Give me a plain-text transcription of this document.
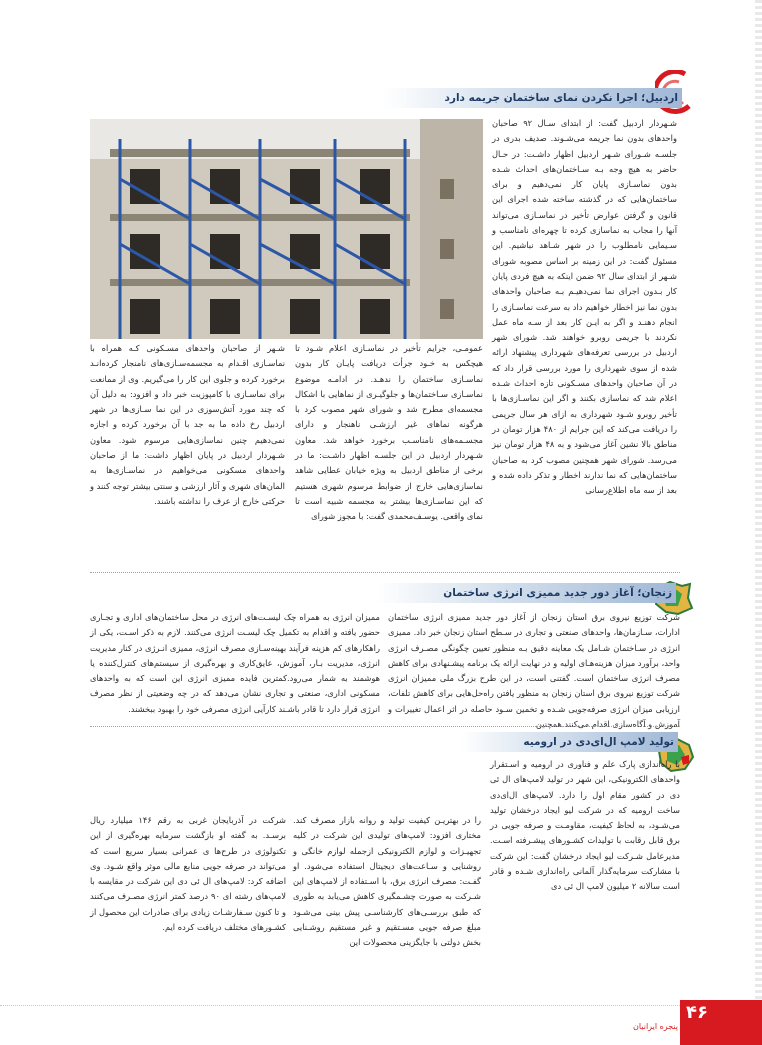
اردبیل؛ اجرا نکردن نمای ساختمان جریمه دارد
شـهردار اردبیل گفت: از ابتدای سـال ۹۲ صاحبان واحدهای بدون نما جریمه می‌شـوند. صدیف بدری در جلسـه شـورای شـهر اردبیل اظهار داشـت: در حـال حاضر به هیچ وجه بـه سـاختمان‌های احداث شـده بدون نماسـازی پایان کار نمی‌دهیم و برای ساختمان‌هایی که در گذشته ساخته شده اجرای این قانون و گرفتن عوارض تأخیر در نماسـازی می‌تواند آنها را مجاب به نماسازی کرده تا چهره‌ای نامناسب و سـیمایی نامطلوب را در شهر شـاهد نباشیم. این مسئول گفت: در این زمینه بر اساس مصوبه شورای شـهر از ابتدای سال ۹۲ ضمن اینکه به هیچ فردی پایان کار بـدون اجرای نما نمی‌دهیـم بـه صاحبان واحدهای بدون نما نیز اخطار خواهیم داد به سرعت نماسـازی را انجام دهنـد و اگر به ایـن کار بعد از سـه ماه عمل نکردند با جریمی روبرو خواهند شد. شورای شهر اردبیل در بررسی تعرفه‌های شهرداری پیشنهاد ارائه شده از سوی شهرداری را مورد بررسی قرار داد که در آن صاحبان واحدهای مسـکونی تازه احداث شـده اعلام شد که نماسازی بکنند و اگر این نماسـازی‌ها با تأخیر روبرو شـود شهرداری به ازای هر سال جریمی را دریافت می‌کند که این جرایم از ۴۸۰ هزار تومان در مناطق بالا نشین آغاز می‌شود و به ۴۸ هزار تومان نیز می‌رسد. شورای شهر همچنین مصوب کرد به صاحبان ساختمان‌هایی که نما ندارند اخطار و تذکر داده شده و بعد از سه ماه اطلاع‌رسانی
عمومـی، جرایم تأخیر در نماسـازی اعلام شـود تا هیچکس به خـود جرأت دریافت پایـان کار بدون نماسـازی ساختمان را ندهـد. در ادامـه موضوع نماسـازی سـاختمان‌ها و جلوگیـری از نماهایی با اشکال مجسمه‌ای مطرح شد و شورای شهر مصوب کرد با هرگونه نماهای غیر ارزشـی ناهنجار و دارای مجسـمه‌های نامناسـب برخورد خواهد شد. معاون شـهردار اردبیل در این جلسـه اظهار داشـت: ما در برخی از مناطق اردبیل به ویژه خیابان عطایی شاهد نماسازی‌هایی خارج از ضوابط مرسوم شهری هستیم که این نماسـازی‌ها بیشتر به مجسمه شبیه است تا نمای واقعی. یوسـف‌محمدی گفت: با مجوز شورای
شـهر از صاحبان واحدهای مسـکونی کـه همراه با نماسـازی اقـدام به مجسمه‌سـازی‌های نامنجار کرده‌انـد برخورد کرده و جلوی این کار را می‌گیریم. وی از ممانعت برای نماسـازی با کامپوزیت خبر داد و افزود: به دلیل آن که چند مورد آتش‌سوزی در این نما سـازی‌ها در شهر اردبیل رخ داده ما به جد با آن برخورد کرده و اجازه نمی‌دهیم چنین نماسازی‌هایی مرسوم شود. معاون شـهردار اردبیل در پایان اظهار داشت: ما از صاحبان واحدهای مسکونی می‌خواهیم در نماسـازی‌ها به المان‌های شهری و آثار ارزشی و سنتی بیشتر توجه کنند و حرکتی خارج از عرف را نداشته باشند.
زنجان؛ آغاز دور جدید ممیزی انرژی ساختمان
شرکت توزیع نیروی برق استان زنجان از آغاز دور جدید ممیزی انرژی ساختمان ادارات، سـازمان‌ها، واحدهای صنعتی و تجاری در سـطح استان زنجان خبر داد. ممیزی انرژی در سـاختمان شـامل یک معاینه دقیق بـه منظور تعیین چگونگی مصـرف انرژی واحد، برآورد میزان هزینه‌هـای اولیه و در نهایت ارائه یک برنامه پیشـنهادی برای کاهش مصرف انرژی ساختمان است. گفتنی است، در این طرح بزرگ ملی ممیزان انرژی شرکت توزیع نیروی برق استان زنجان به منظور یافتن راه‌حل‌هایی برای کاهش تلفات، ارزیابی میزان انرژی صرفه‌جویی شـده و تخمین سـود حاصله در اثر اعمال تغییرات و آموزش و آگاه‌سازی اقدام می‌کنند.همچنین
ممیزان انرژی به همراه چک لیسـت‌های انرژی در محل ساختمان‌های اداری و تجـاری حضور یافته و اقدام به تکمیل چک لیسـت انرژی می‌کنند. لازم به ذکر اسـت، یکی از راهکارهای کم هزینه فرآیند بهینه‌سـازی مصرف انرژی، ممیزی انـرژی در کنار مدیریت انرژی، مدیریت بـار، آموزش، عایق‌کاری و بهره‌گیری از سیستم‌های کنترل‌کننده یا هوشمند به شمار می‌رود.کمترین فایده ممیزی انرژی این است که به واحدهای مسکونی اداری، صنعتی و تجاری نشان می‌دهد که در چه وضعیتی از نظر مصرف انرژی قرار دارد تا قادر باشـند کارآیی انرژی مصرفی خود را بهبود ببخشند.
تولید لامپ ال‌ای‌دی در ارومیه
با راه‌اندازی پارک علم و فناوری در ارومیه و اسـتقرار واحدهای الکترونیکی، این شهر در تولید لامپ‌های ال ئی دی در کشور مقام اول را دارد. لامپ‌های ال‌ای‌دی ساخت ارومیه که در شرکت لیو ایجاد درخشان تولید می‌شـود، به لحاظ کیفیت، مقاومـت و صرفه جویی در برق قابل رقابت با تولیدات کشـورهای پیشـرفته اسـت. مدیرعامل شـرکت لیو ایجاد درخشان گفت: این شرکت با مشارکت سرمایه‌گذار آلمانی راه‌اندازی شـده و قادر است سالانه ۲ میلیون لامپ ال ئی دی
را در بهتریـن کیفیت تولید و روانه بازار مصرف کند. مختاری افزود: لامپ‌های تولیدی این شرکت در کلیه تجهیـزات و لوازم الکترونیکی ازجمله لوازم خانگی و روشنایی و سـاعت‌های دیجیتال استفاده می‌شود. او گفـت: مصرف انرژی برق، با اسـتفاده از لامپ‌های این شـرکت به صورت چشـمگیری کاهش می‌یابد به طوری که طبق بررسـی‌های کارشناسـی پیش بینی می‌شـود مبلغ صرفه جویی مسـتقیم و غیر مستقیم روشـنایی بخش دولتی با جایگزینی محصولات این
شرکت در آذربایجان غربی به رقم ۱۴۶ میلیارد ریال برسـد. به گفته او بازگشت سرمایه بهره‌گیری از این تکنولوژی در طرح‌ها ی عمرانی بسیار سریع است که می‌تواند در صرفه جویی منابع مالی موثر واقع شـود. وی اضافه کرد: لامپ‌های ال ئی دی این شرکت در مقایسه با لامپ‌های رشته ای ۹۰ درصد کمتر انرژی مصـرف می‌کنند و تا کنون سـفارشـات زیادی برای صادرات این محصول از کشـورهای مختلف دریافت کرده ایم.
۴۶
پنجره ایرانیان
